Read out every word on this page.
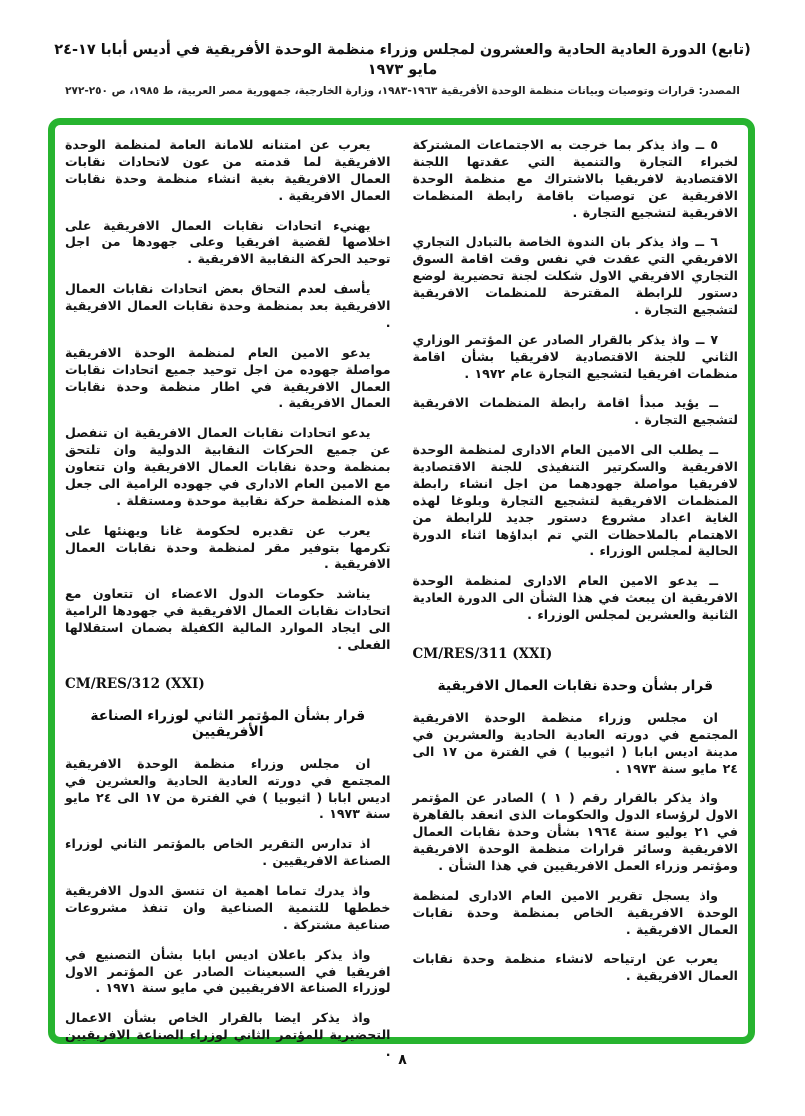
(تابع) الدورة العادية الحادية والعشرون لمجلس وزراء منظمة الوحدة الأفريقية في أديس أبابا ١٧-٢٤ مايو ١٩٧٣
المصدر: قرارات وتوصيات وبيانات منظمة الوحدة الأفريقية ١٩٦٣-١٩٨٣، وزارة الخارجية، جمهورية مصر العربية، ط ١٩٨٥، ص ٢٥٠-٢٧٢

٥ ــ واذ يذكر بما خرجت به الاجتماعات المشتركة لخبراء التجارة والتنمية التي عقدتها اللجنة الاقتصادية لافريقيا بالاشتراك مع منظمة الوحدة الافريقية عن توصيات باقامة رابطة المنظمات الافريقية لتشجيع التجارة .

٦ ــ واذ يذكر بان الندوة الخاصة بالتبادل التجاري الافريقي التي عقدت في نفس وقت اقامة السوق التجاري الافريقي الاول شكلت لجنة تحضيرية لوضع دستور للرابطة المقترحة للمنظمات الافريقية لتشجيع التجارة .

٧ ــ واذ يذكر بالقرار الصادر عن المؤتمر الوزاري الثاني للجنة الاقتصادية لافريقيا بشأن اقامة منظمات افريقيا لتشجيع التجارة عام ١٩٧٢ .

ــ يؤيد مبدأ اقامة رابطة المنظمات الافريقية لتشجيع التجارة .

ــ يطلب الى الامين العام الادارى لمنظمة الوحدة الافريقية والسكرتير التنفيذى للجنة الاقتصادية لافريقيا مواصلة جهودهما من اجل انشاء رابطة المنظمات الافريقية لتشجيع التجارة وبلوغا لهذه الغاية اعداد مشروع دستور جديد للرابطة من الاهتمام بالملاحظات التي تم ابداؤها اثناء الدورة الحالية لمجلس الوزراء .

ــ يدعو الامين العام الادارى لمنظمة الوحدة الافريقية ان يبعث في هذا الشأن الى الدورة العادية الثانية والعشرين لمجلس الوزراء .

CM/RES/311 (XXI)
قرار بشأن وحدة نقابات العمال الافريقية

ان مجلس وزراء منظمة الوحدة الافريقية المجتمع في دورته العادية الحادية والعشرين في مدينة اديس ابابا ( اثيوبيا ) في الفترة من ١٧ الى ٢٤ مايو سنة ١٩٧٣ .

واذ يذكر بالقرار رقم ( ١ ) الصادر عن المؤتمر الاول لرؤساء الدول والحكومات الذى انعقد بالقاهرة في ٢١ يوليو سنة ١٩٦٤ بشأن وحدة نقابات العمال الافريقية وسائر قرارات منظمة الوحدة الافريقية ومؤتمر وزراء العمل الافريقيين في هذا الشأن .

واذ يسجل تقرير الامين العام الادارى لمنظمة الوحدة الافريقية الخاص بمنظمة وحدة نقابات العمال الافريقية .

يعرب عن ارتياحه لانشاء منظمة وحدة نقابات العمال الافريقية .

يعرب عن امتنانه للامانة العامة لمنظمة الوحدة الافريقية لما قدمته من عون لاتحادات نقابات العمال الافريقية بغية انشاء منظمة وحدة نقابات العمال الافريقية .

يهنيء اتحادات نقابات العمال الافريقية على اخلاصها لقضية افريقيا وعلى جهودها من اجل توحيد الحركة النقابية الافريقية .

يأسف لعدم التحاق بعض اتحادات نقابات العمال الافريقية بعد بمنظمة وحدة نقابات العمال الافريقية .

يدعو الامين العام لمنظمة الوحدة الافريقية مواصلة جهوده من اجل توحيد جميع اتحادات نقابات العمال الافريقية في اطار منظمة وحدة نقابات العمال الافريقية .

يدعو اتحادات نقابات العمال الافريقية ان تنفصل عن جميع الحركات النقابية الدولية وان تلتحق بمنظمة وحدة نقابات العمال الافريقية وان تتعاون مع الامين العام الادارى في جهوده الرامية الى جعل هذه المنظمة حركة نقابية موحدة ومستقلة .

يعرب عن تقديره لحكومة غانا ويهنئها على تكرمها بتوفير مقر لمنظمة وحدة نقابات العمال الافريقية .

يناشد حكومات الدول الاعضاء ان تتعاون مع اتحادات نقابات العمال الافريقية في جهودها الرامية الى ايجاد الموارد المالية الكفيلة بضمان استقلالها الفعلى .

CM/RES/312 (XXI)
قرار بشأن المؤتمر الثاني لوزراء الصناعة الأفريقيين

ان مجلس وزراء منظمة الوحدة الافريقية المجتمع في دورته العادية الحادية والعشرين في اديس ابابا ( اثيوبيا ) في الفترة من ١٧ الى ٢٤ مايو سنة ١٩٧٣ .

اذ تدارس التقرير الخاص بالمؤتمر الثاني لوزراء الصناعة الافريقيين .

واذ يدرك تماما اهمية ان تنسق الدول الافريقية خططها للتنمية الصناعية وان تنفذ مشروعات صناعية مشتركة .

واذ يذكر باعلان اديس ابابا بشأن التصنيع في افريقيا في السبعينات الصادر عن المؤتمر الاول لوزراء الصناعة الافريقيين في مايو سنة ١٩٧١ .

واذ يذكر ايضا بالقرار الخاص بشأن الاعمال التحضيرية للمؤتمر الثاني لوزراء الصناعة الافريقيين .

٨
